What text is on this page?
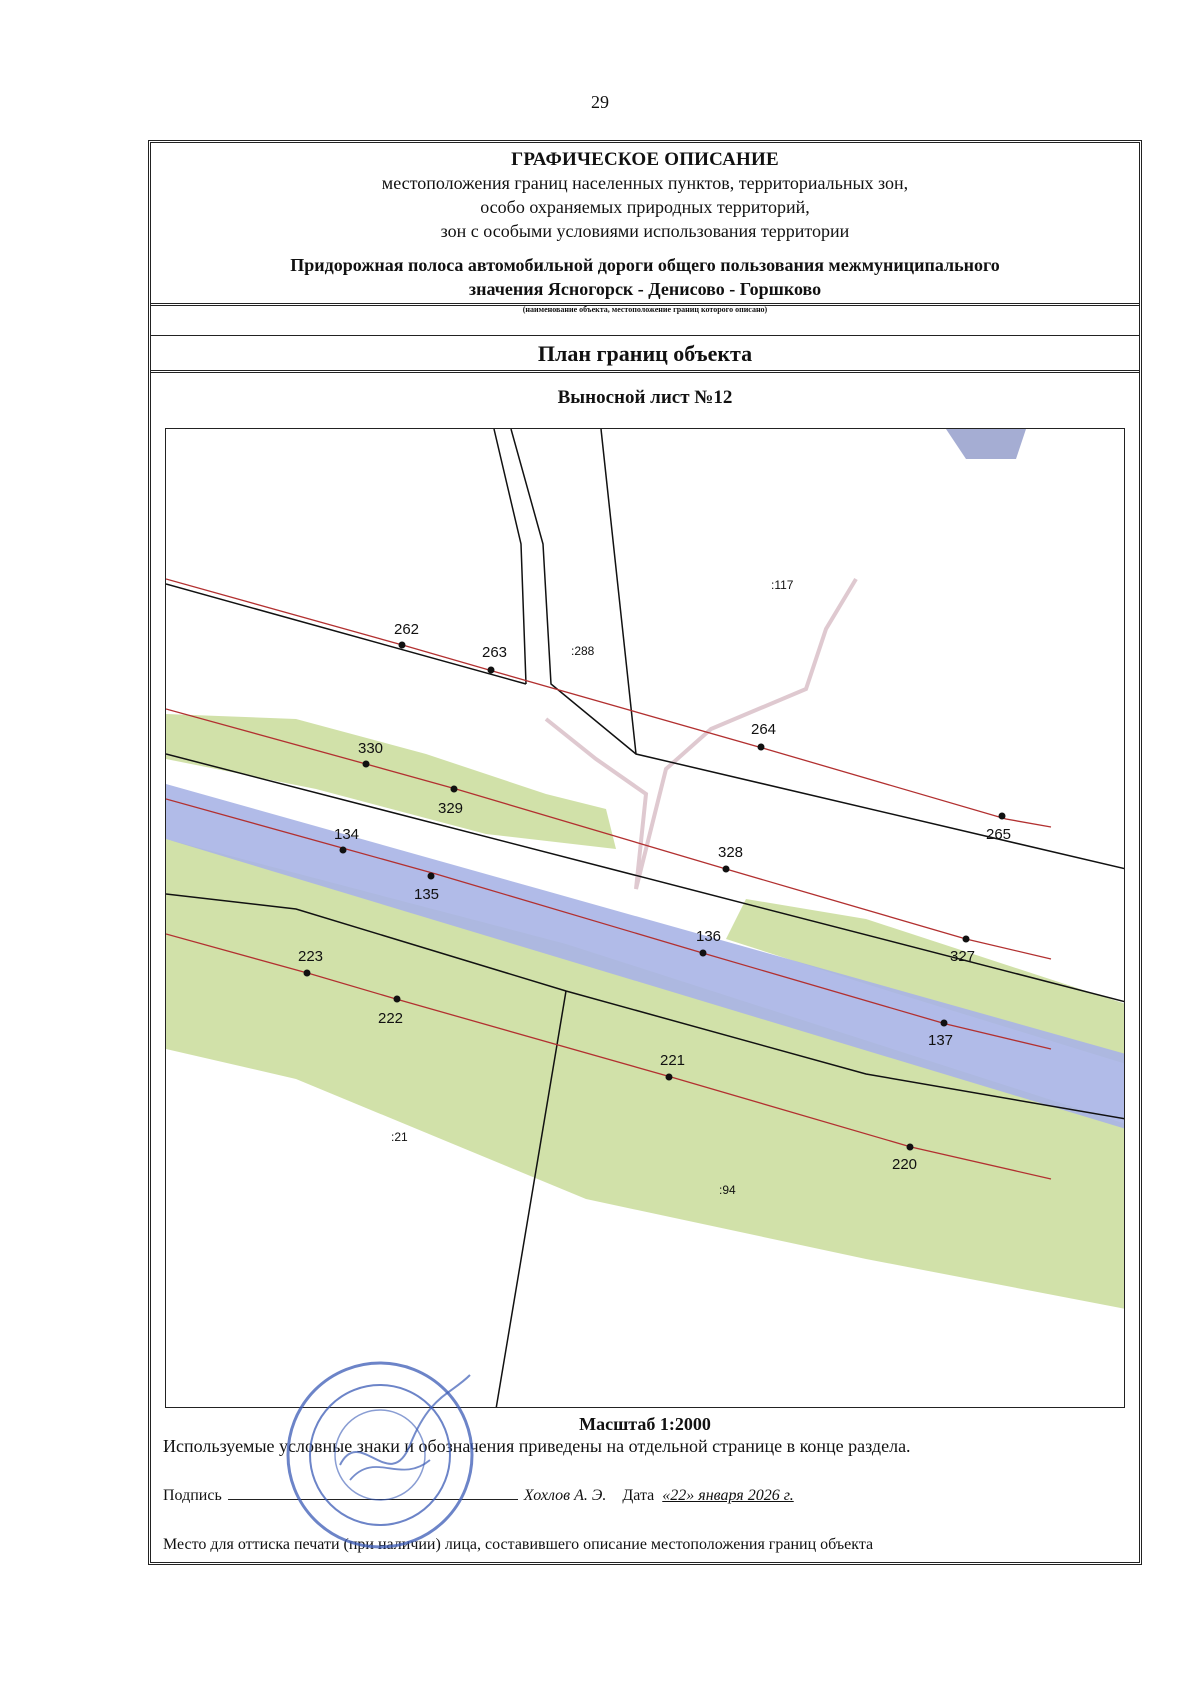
29
ГРАФИЧЕСКОЕ ОПИСАНИЕ
местоположения границ населенных пунктов, территориальных зон,
особо охраняемых природных территорий,
зон с особыми условиями использования территории
Придорожная полоса автомобильной дороги общего пользования межмуниципального
значения Ясногорск - Денисово - Горшково
(наименование объекта, местоположение границ которого описано)
План границ объекта
Выносной лист №12
262
263
264
265
330
329
328
327
134
135
136
137
223
222
221
220
:117
:288
:21
:94
Масштаб 1:2000
Используемые условные знаки и обозначения приведены на отдельной странице в конце раздела.
Подпись	Хохлов А. Э. Дата «22» января 2026 г.
Место для оттиска печати (при наличии) лица, составившего описание местоположения границ объекта
